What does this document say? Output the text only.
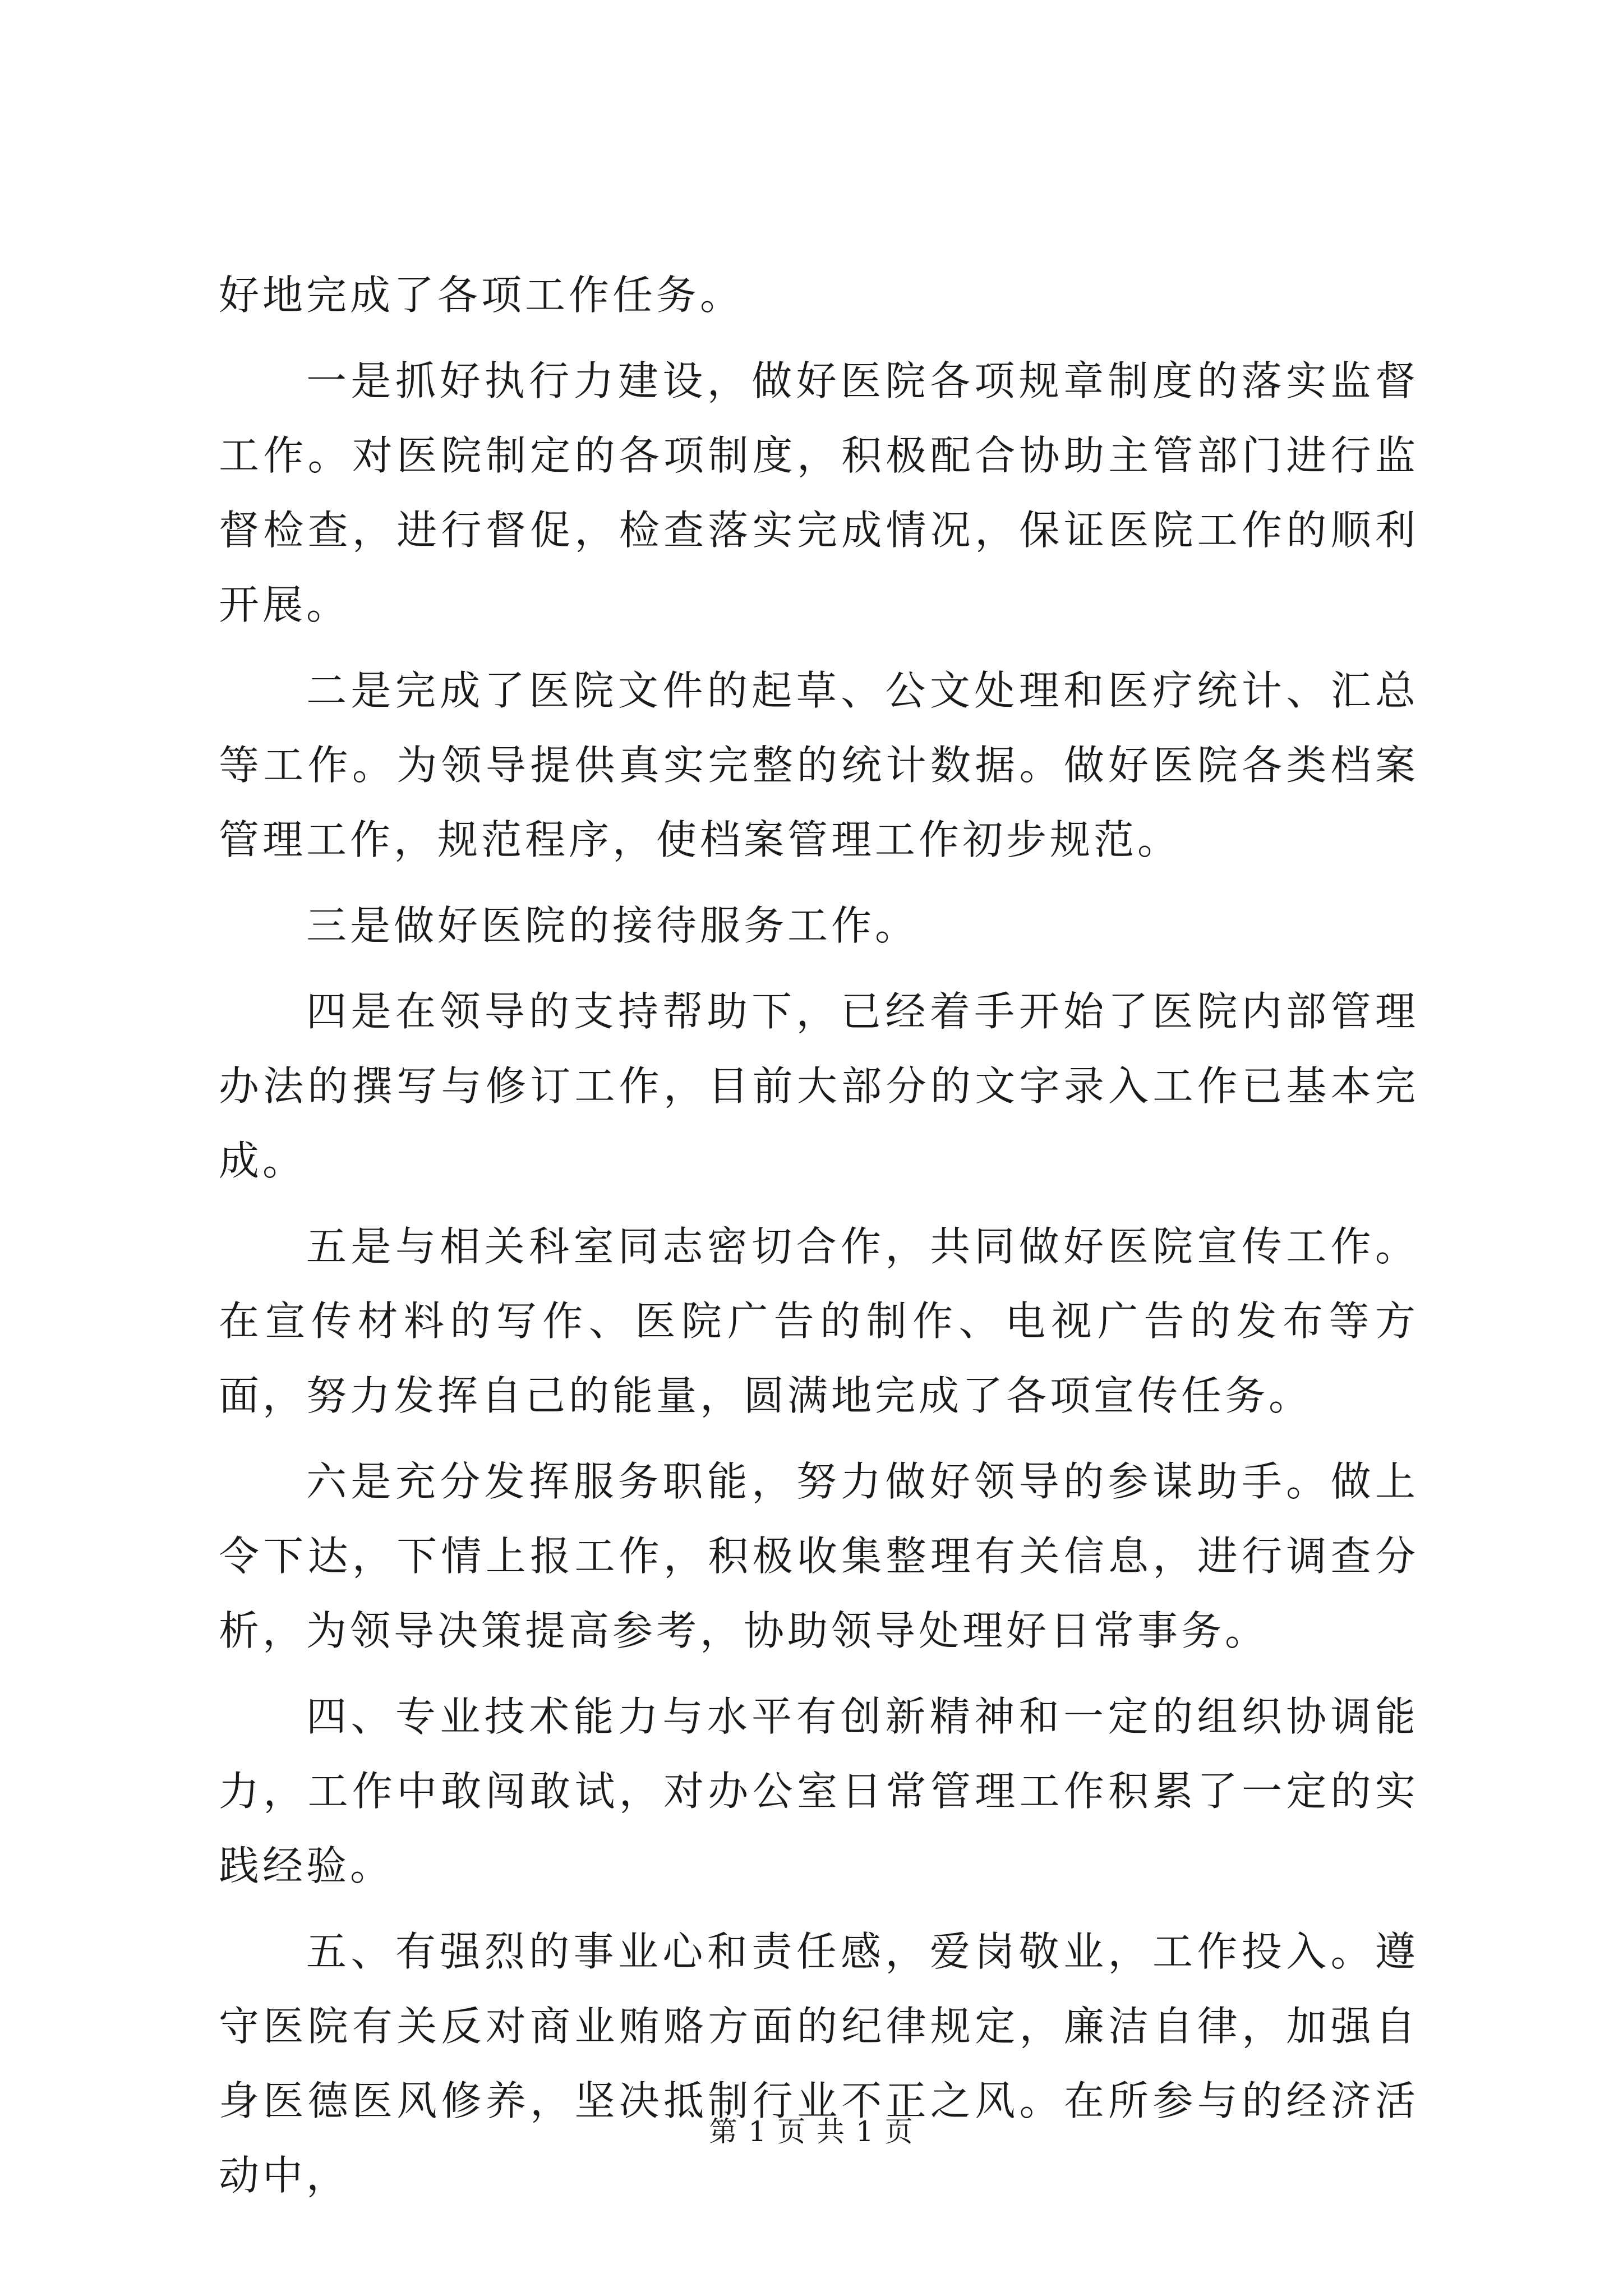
好地完成了各项工作任务。

一是抓好执行力建设，做好医院各项规章制度的落实监督工作。对医院制定的各项制度，积极配合协助主管部门进行监督检查，进行督促，检查落实完成情况，保证医院工作的顺利开展。

二是完成了医院文件的起草、公文处理和医疗统计、汇总等工作。为领导提供真实完整的统计数据。做好医院各类档案管理工作，规范程序，使档案管理工作初步规范。

三是做好医院的接待服务工作。

四是在领导的支持帮助下，已经着手开始了医院内部管理办法的撰写与修订工作，目前大部分的文字录入工作已基本完成。

五是与相关科室同志密切合作，共同做好医院宣传工作。在宣传材料的写作、医院广告的制作、电视广告的发布等方面，努力发挥自己的能量，圆满地完成了各项宣传任务。

六是充分发挥服务职能，努力做好领导的参谋助手。做上令下达，下情上报工作，积极收集整理有关信息，进行调查分析，为领导决策提高参考，协助领导处理好日常事务。

四、专业技术能力与水平有创新精神和一定的组织协调能力，工作中敢闯敢试，对办公室日常管理工作积累了一定的实践经验。

五、有强烈的事业心和责任感，爱岗敬业，工作投入。遵守医院有关反对商业贿赂方面的纪律规定，廉洁自律，加强自身医德医风修养，坚决抵制行业不正之风。在所参与的经济活动中，

第 1 页 共 1 页
